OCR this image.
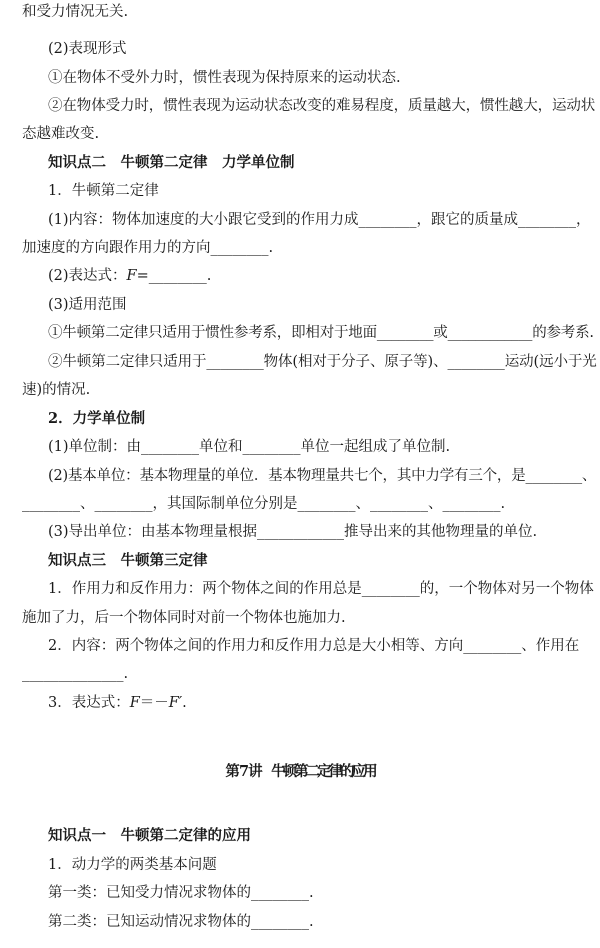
和受力情况无关.
(2)表现形式
①在物体不受外力时，惯性表现为保持原来的运动状态.
②在物体受力时，惯性表现为运动状态改变的难易程度，质量越大，惯性越大，运动状
态越难改变.
知识点二　牛顿第二定律　力学单位制
1．牛顿第二定律
(1)内容：物体加速度的大小跟它受到的作用力成________，跟它的质量成________，
加速度的方向跟作用力的方向________.
(2)表达式：F=________.
(3)适用范围
①牛顿第二定律只适用于惯性参考系，即相对于地面________或____________的参考系.
②牛顿第二定律只适用于________物体(相对于分子、原子等)、________运动(远小于光
速)的情况.
2．力学单位制
(1)单位制：由________单位和________单位一起组成了单位制.
(2)基本单位：基本物理量的单位．基本物理量共七个，其中力学有三个，是________、
________、________，其国际制单位分别是________、________、________.
(3)导出单位：由基本物理量根据____________推导出来的其他物理量的单位.
知识点三　牛顿第三定律
1．作用力和反作用力：两个物体之间的作用总是________的，一个物体对另一个物体
施加了力，后一个物体同时对前一个物体也施加力.
2．内容：两个物体之间的作用力和反作用力总是大小相等、方向________、作用在
______________.
3．表达式：F＝－F′.
第 7 讲　牛顿第二定律的应用
知识点一　牛顿第二定律的应用
1．动力学的两类基本问题
第一类：已知受力情况求物体的________.
第二类：已知运动情况求物体的________.
